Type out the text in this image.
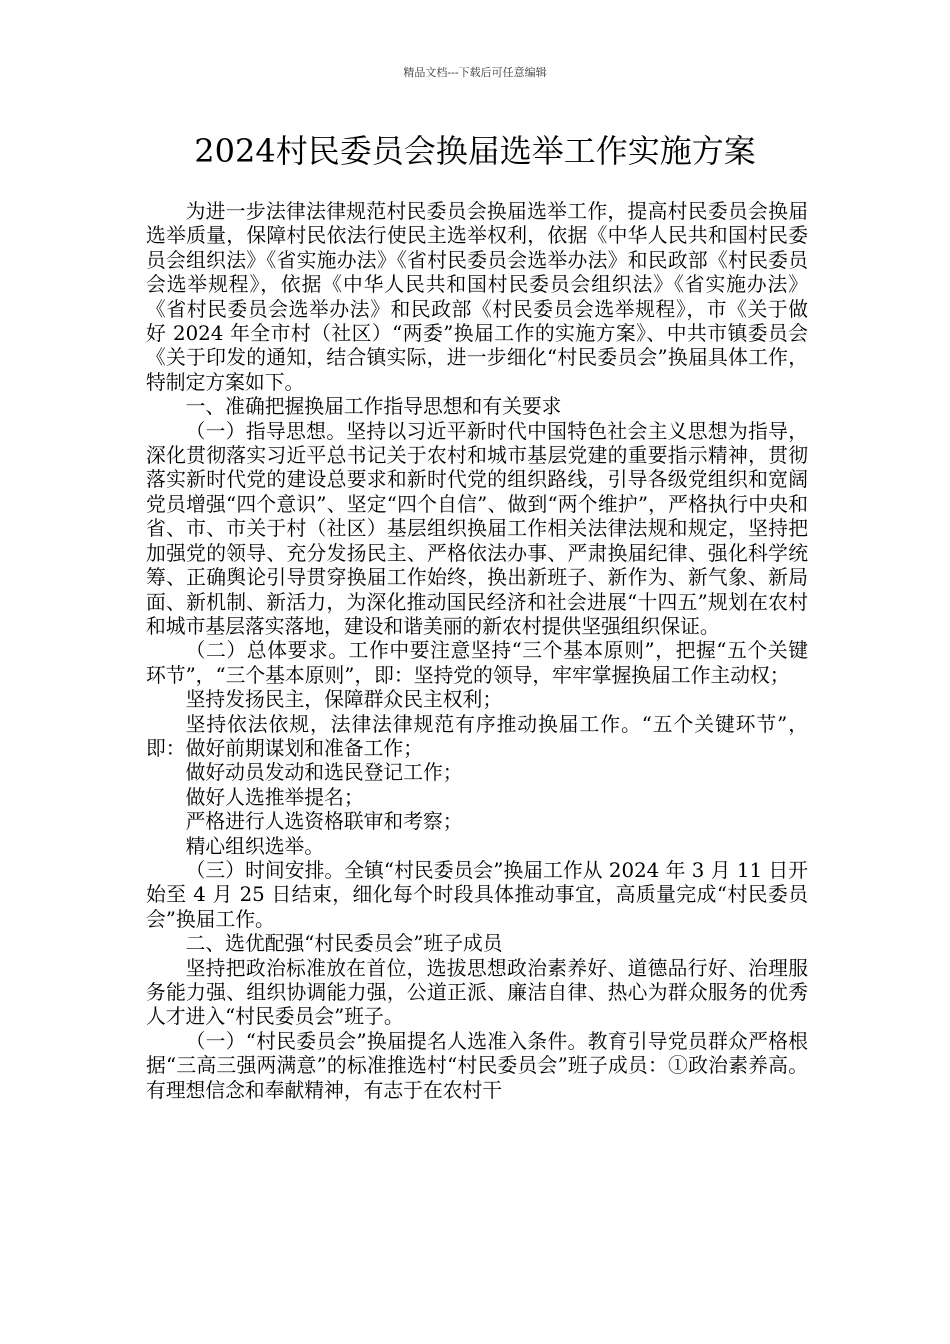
精品文档---下载后可任意编辑
2024村民委员会换届选举工作实施方案

为进一步法律法律规范村民委员会换届选举工作，提高村民委员会换届选举质量，保障村民依法行使民主选举权利，依据《中华人民共和国村民委员会组织法》《省实施办法》《省村民委员会选举办法》和民政部《村民委员会选举规程》，依据《中华人民共和国村民委员会组织法》《省实施办法》《省村民委员会选举办法》和民政部《村民委员会选举规程》，市《关于做好 2024 年全市村（社区）“两委”换届工作的实施方案》、中共市镇委员会《关于印发的通知，结合镇实际，进一步细化“村民委员会”换届具体工作，特制定方案如下。

一、准确把握换届工作指导思想和有关要求

（一）指导思想。坚持以习近平新时代中国特色社会主义思想为指导，深化贯彻落实习近平总书记关于农村和城市基层党建的重要指示精神，贯彻落实新时代党的建设总要求和新时代党的组织路线，引导各级党组织和宽阔党员增强“四个意识”、坚定“四个自信”、做到“两个维护”，严格执行中央和省、市、市关于村（社区）基层组织换届工作相关法律法规和规定，坚持把加强党的领导、充分发扬民主、严格依法办事、严肃换届纪律、强化科学统筹、正确舆论引导贯穿换届工作始终，换出新班子、新作为、新气象、新局面、新机制、新活力，为深化推动国民经济和社会进展“十四五”规划在农村和城市基层落实落地，建设和谐美丽的新农村提供坚强组织保证。

（二）总体要求。工作中要注意坚持“三个基本原则”，把握“五个关键环节”，“三个基本原则”，即：坚持党的领导，牢牢掌握换届工作主动权；

坚持发扬民主，保障群众民主权利；

坚持依法依规，法律法律规范有序推动换届工作。“五个关键环节”，即：做好前期谋划和准备工作；

做好动员发动和选民登记工作；

做好人选推举提名；

严格进行人选资格联审和考察；

精心组织选举。

（三）时间安排。全镇“村民委员会”换届工作从 2024 年 3 月 11 日开始至 4 月 25 日结束，细化每个时段具体推动事宜，高质量完成“村民委员会”换届工作。

二、选优配强“村民委员会”班子成员

坚持把政治标准放在首位，选拔思想政治素养好、道德品行好、治理服务能力强、组织协调能力强，公道正派、廉洁自律、热心为群众服务的优秀人才进入“村民委员会”班子。

（一）“村民委员会”换届提名人选准入条件。教育引导党员群众严格根据“三高三强两满意”的标准推选村“村民委员会”班子成员：①政治素养高。有理想信念和奉献精神，有志于在农村干
